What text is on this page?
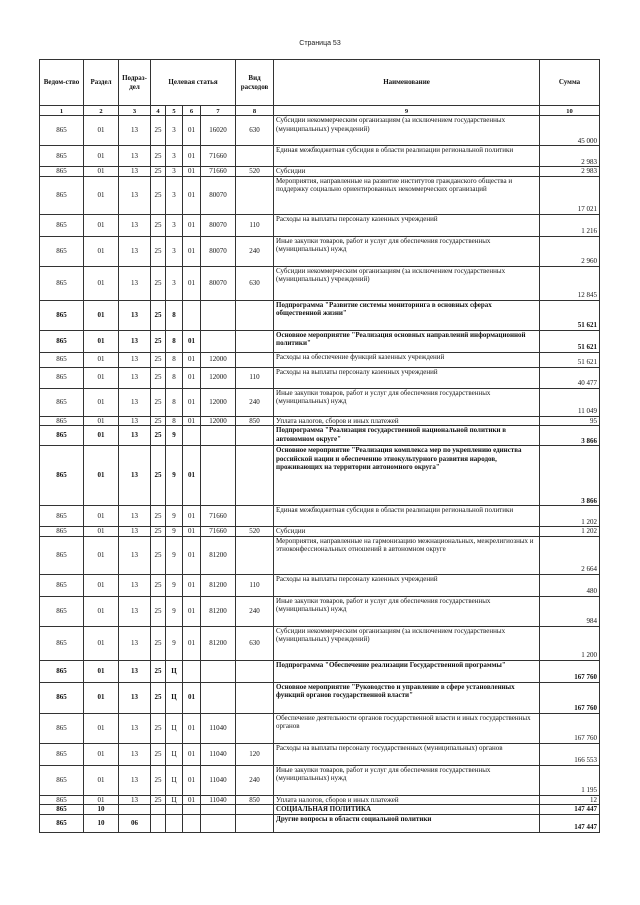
Страница 53
Ведом-ство	Раздел	Подраз-дел	Целевая статья				Вид расходов	Наименование	Сумма
1	2	3	4	5	6	7	8	9	10
865	01	13	25	3	01	16020	630	Субсидии некоммерческим организациям (за исключением государственных (муниципальных) учреждений)	45 000
865	01	13	25	3	01	71660		Единая межбюджетная субсидия в области реализации региональной политики	2 983
865	01	13	25	3	01	71660	520	Субсидии	2 983
865	01	13	25	3	01	80070		Мероприятия, направленные на развитие институтов гражданского общества и поддержку социально ориентированных некоммерческих организаций	17 021
865	01	13	25	3	01	80070	110	Расходы на выплаты персоналу казенных учреждений	1 216
865	01	13	25	3	01	80070	240	Иные закупки товаров, работ и услуг для обеспечения государственных (муниципальных) нужд	2 960
865	01	13	25	3	01	80070	630	Субсидии некоммерческим организациям (за исключением государственных (муниципальных) учреждений)	12 845
865	01	13	25	8				Подпрограмма "Развитие системы мониторинга в основных сферах общественной жизни"	51 621
865	01	13	25	8	01			Основное мероприятие "Реализация основных направлений информационной политики"	51 621
865	01	13	25	8	01	12000		Расходы на обеспечение функций казенных учреждений	51 621
865	01	13	25	8	01	12000	110	Расходы на выплаты персоналу казенных учреждений	40 477
865	01	13	25	8	01	12000	240	Иные закупки товаров, работ и услуг для обеспечения государственных (муниципальных) нужд	11 049
865	01	13	25	8	01	12000	850	Уплата налогов, сборов и иных платежей	95
865	01	13	25	9				Подпрограмма "Реализация государственной национальной политики в автономном округе"	3 866
865	01	13	25	9	01			Основное мероприятие "Реализация комплекса мер по укреплению единства российской нации и обеспечению этнокультурного развития народов, проживающих на территории автономного округа"	3 866
865	01	13	25	9	01	71660		Единая межбюджетная субсидия в области реализации региональной политики	1 202
865	01	13	25	9	01	71660	520	Субсидии	1 202
865	01	13	25	9	01	81200		Мероприятия, направленные на гармонизацию межнациональных, межрелигиозных и этноконфессиональных отношений в автономном округе	2 664
865	01	13	25	9	01	81200	110	Расходы на выплаты персоналу казенных учреждений	480
865	01	13	25	9	01	81200	240	Иные закупки товаров, работ и услуг для обеспечения государственных (муниципальных) нужд	984
865	01	13	25	9	01	81200	630	Субсидии некоммерческим организациям (за исключением государственных (муниципальных) учреждений)	1 200
865	01	13	25	Ц				Подпрограмма "Обеспечение реализации Государственной программы"	167 760
865	01	13	25	Ц	01			Основное мероприятие "Руководство и управление в сфере установленных функций органов государственной власти"	167 760
865	01	13	25	Ц	01	11040		Обеспечение деятельности органов государственной власти и иных государственных органов	167 760
865	01	13	25	Ц	01	11040	120	Расходы на выплаты персоналу государственных (муниципальных) органов	166 553
865	01	13	25	Ц	01	11040	240	Иные закупки товаров, работ и услуг для обеспечения государственных (муниципальных) нужд	1 195
865	01	13	25	Ц	01	11040	850	Уплата налогов, сборов и иных платежей	12
865	10							СОЦИАЛЬНАЯ ПОЛИТИКА	147 447
865	10	06						Другие вопросы в области социальной политики	147 447
